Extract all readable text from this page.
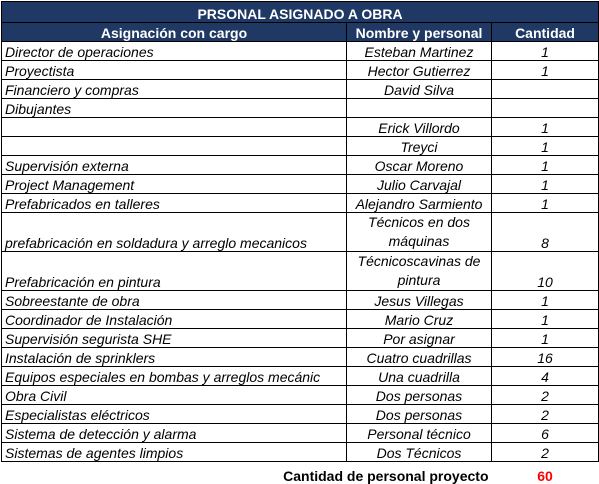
PRSONAL ASIGNADO A OBRA		
Asignación con cargo	Nombre y personal	Cantidad
Director de operaciones	Esteban Martinez	1
Proyectista	Hector Gutierrez	1
Financiero y compras	David Silva	
Dibujantes		
	Erick Villordo	1
	Treyci	1
Supervisión externa	Oscar Moreno	1
Project Management	Julio Carvajal	1
Prefabricados en talleres	Alejandro Sarmiento	1
prefabricación en soldadura y arreglo mecanicos	Técnicos en dos máquinas	8
Prefabricación en pintura	Técnicoscavinas de pintura	10
Sobreestante de obra	Jesus Villegas	1
Coordinador de Instalación	Mario Cruz	1
Supervisión segurista SHE	Por asignar	1
Instalación de sprinklers	Cuatro cuadrillas	16
Equipos especiales en bombas y arreglos mecánic	Una cuadrilla	4
Obra Civil	Dos personas	2
Especialistas eléctricos	Dos personas	2
Sistema de detección y alarma	Personal técnico	6
Sistemas de agentes limpios	Dos Técnicos	2
Cantidad de personal proyecto		60
